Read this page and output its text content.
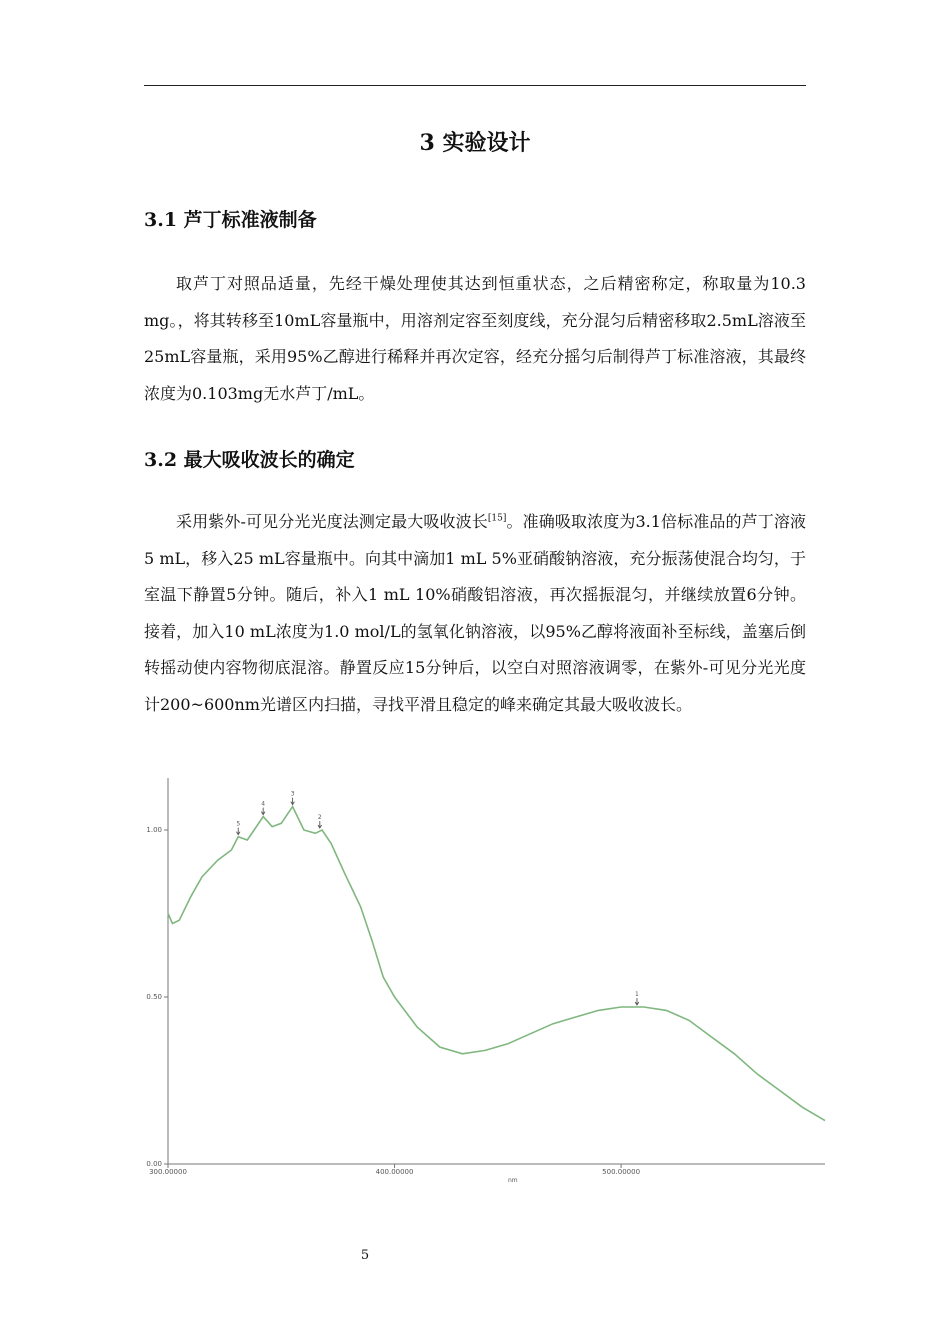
3 实验设计
3.1 芦丁标准液制备

取芦丁对照品适量，先经干燥处理使其达到恒重状态，之后精密称定，称取量为10.3 mg。，将其转移至10mL容量瓶中，用溶剂定容至刻度线，充分混匀后精密移取2.5mL溶液至25mL容量瓶，采用95%乙醇进行稀释并再次定容，经充分摇匀后制得芦丁标准溶液，其最终浓度为0.103mg无水芦丁/mL。

3.2 最大吸收波长的确定

采用紫外-可见分光光度法测定最大吸收波长[15]。准确吸取浓度为3.1倍标准品的芦丁溶液5 mL，移入25 mL容量瓶中。向其中滴加1 mL 5%亚硝酸钠溶液，充分振荡使混合均匀，于室温下静置5分钟。随后，补入1 mL 10%硝酸铝溶液，再次摇振混匀，并继续放置6分钟。接着，加入10 mL浓度为1.0 mol/L的氢氧化钠溶液，以95%乙醇将液面补至标线，盖塞后倒转摇动使内容物彻底混溶。静置反应15分钟后，以空白对照溶液调零，在紫外-可见分光光度计200~600nm光谱区内扫描，寻找平滑且稳定的峰来确定其最大吸收波长。

0.00
0.50
1.00
300.00000	400.00000	500.00000
5
4
3
2
1
nm

5
